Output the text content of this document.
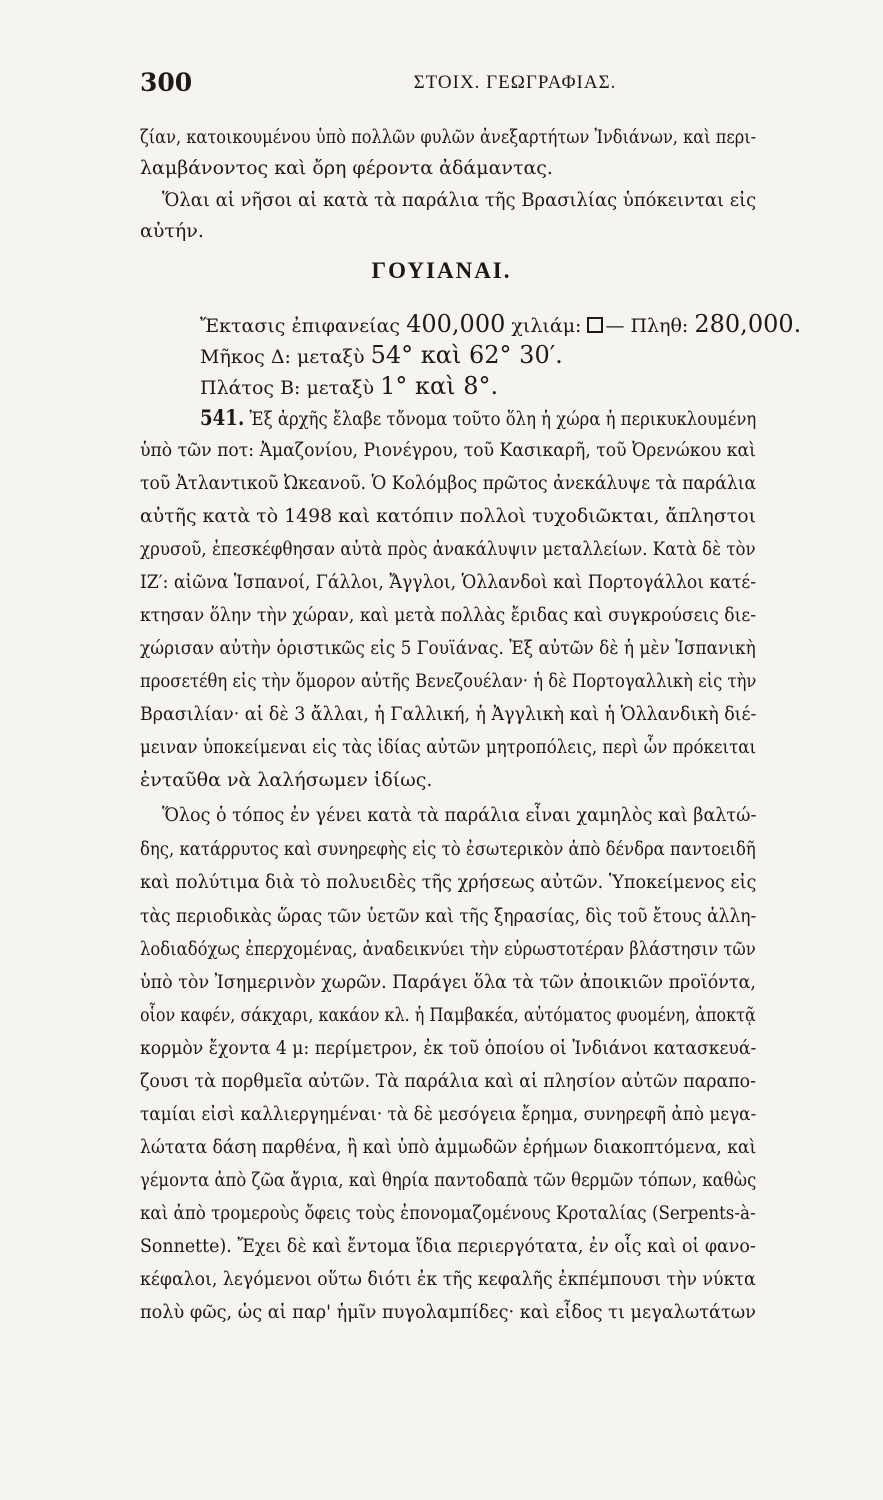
300	ΣΤΟΙΧ. ΓΕΩΓΡΑΦΙΑΣ.
ζίαν, κατοικουμένου ὑπὸ πολλῶν φυλῶν ἀνεξαρτήτων Ἰνδιάνων, καὶ περι-
λαμβάνοντος καὶ ὄρη φέροντα ἀδάμαντας.
Ὅλαι αἱ νῆσοι αἱ κατὰ τὰ παράλια τῆς Βρασιλίας ὑπόκεινται εἰς
αὐτήν.
ΓΟΥΙΑΝΑΙ.
Ἔκτασις ἐπιφανείας 400,000 χιλιάμ: — Πληθ: 280,000.
Μῆκος Δ: μεταξὺ 54° καὶ 62° 30′.
Πλάτος Β: μεταξὺ 1° καὶ 8°.
541. Ἐξ ἀρχῆς ἔλαβε τὄνομα τοῦτο ὅλη ἡ χώρα ἡ περικυκλουμένη
ὑπὸ τῶν ποτ: Ἀμαζονίου, Ριονέγρου, τοῦ Κασικαρῆ, τοῦ Ὀρενώκου καὶ
τοῦ Ἀτλαντικοῦ Ὠκεανοῦ. Ὁ Κολόμβος πρῶτος ἀνεκάλυψε τὰ παράλια
αὐτῆς κατὰ τὸ 1498 καὶ κατόπιν πολλοὶ τυχοδιῶκται, ἄπληστοι
χρυσοῦ, ἐπεσκέφθησαν αὐτὰ πρὸς ἀνακάλυψιν μεταλλείων. Κατὰ δὲ τὸν
ΙΖ′: αἰῶνα Ἱσπανοί, Γάλλοι, Ἄγγλοι, Ὁλλανδοὶ καὶ Πορτογάλλοι κατέ-
κτησαν ὅλην τὴν χώραν, καὶ μετὰ πολλὰς ἔριδας καὶ συγκρούσεις διε-
χώρισαν αὐτὴν ὁριστικῶς εἰς 5 Γουϊάνας. Ἐξ αὐτῶν δὲ ἡ μὲν Ἱσπανικὴ
προσετέθη εἰς τὴν ὅμορον αὐτῆς Βενεζουέλαν· ἡ δὲ Πορτογαλλικὴ εἰς τὴν
Βρασιλίαν· αἱ δὲ 3 ἄλλαι, ἡ Γαλλική, ἡ Ἀγγλικὴ καὶ ἡ Ὁλλανδικὴ διέ-
μειναν ὑποκείμεναι εἰς τὰς ἰδίας αὐτῶν μητροπόλεις, περὶ ὧν πρόκειται
ἐνταῦθα νὰ λαλήσωμεν ἰδίως.
Ὅλος ὁ τόπος ἐν γένει κατὰ τὰ παράλια εἶναι χαμηλὸς καὶ βαλτώ-
δης, κατάρρυτος καὶ συνηρεφὴς εἰς τὸ ἐσωτερικὸν ἀπὸ δένδρα παντοειδῆ
καὶ πολύτιμα διὰ τὸ πολυειδὲς τῆς χρήσεως αὐτῶν. Ὑποκείμενος εἰς
τὰς περιοδικὰς ὥρας τῶν ὑετῶν καὶ τῆς ξηρασίας, δὶς τοῦ ἔτους ἀλλη-
λοδιαδόχως ἐπερχομένας, ἀναδεικνύει τὴν εὐρωστοτέραν βλάστησιν τῶν
ὑπὸ τὸν Ἰσημερινὸν χωρῶν. Παράγει ὅλα τὰ τῶν ἀποικιῶν προϊόντα,
οἷον καφέν, σάκχαρι, κακάον κλ. ἡ Παμβακέα, αὐτόματος φυομένη, ἀποκτᾷ
κορμὸν ἔχοντα 4 μ: περίμετρον, ἐκ τοῦ ὁποίου οἱ Ἰνδιάνοι κατασκευά-
ζουσι τὰ πορθμεῖα αὐτῶν. Τὰ παράλια καὶ αἱ πλησίον αὐτῶν παραπο-
ταμίαι εἰσὶ καλλιεργημέναι· τὰ δὲ μεσόγεια ἔρημα, συνηρεφῆ ἀπὸ μεγα-
λώτατα δάση παρθένα, ἢ καὶ ὑπὸ ἀμμωδῶν ἐρήμων διακοπτόμενα, καὶ
γέμοντα ἀπὸ ζῶα ἄγρια, καὶ θηρία παντοδαπὰ τῶν θερμῶν τόπων, καθὼς
καὶ ἀπὸ τρομεροὺς ὄφεις τοὺς ἐπονομαζομένους Κροταλίας (Serpents-à-
Sonnette). Ἔχει δὲ καὶ ἔντομα ἴδια περιεργότατα, ἐν οἷς καὶ οἱ φανο-
κέφαλοι, λεγόμενοι οὕτω διότι ἐκ τῆς κεφαλῆς ἐκπέμπουσι τὴν νύκτα
πολὺ φῶς, ὡς αἱ παρ' ἡμῖν πυγολαμπίδες· καὶ εἶδος τι μεγαλωτάτων
